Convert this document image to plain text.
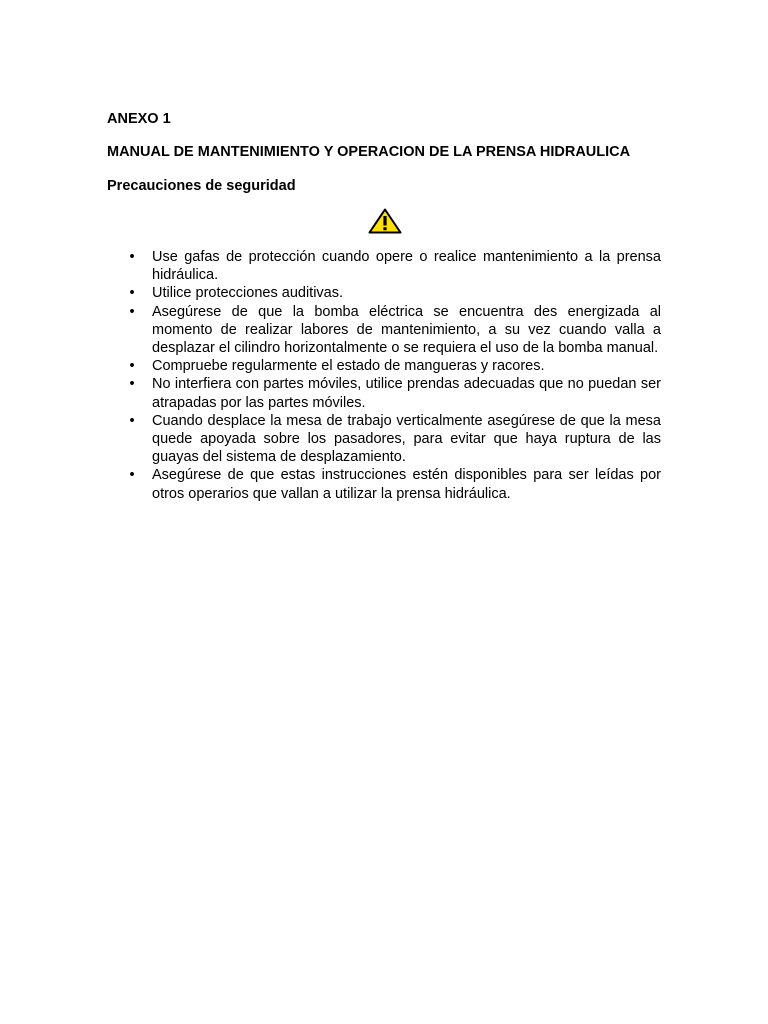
ANEXO 1
MANUAL DE MANTENIMIENTO Y OPERACION DE LA PRENSA HIDRAULICA
Precauciones de seguridad
• Use gafas de protección cuando opere o realice mantenimiento a la prensa hidráulica.
• Utilice protecciones auditivas.
• Asegúrese de que la bomba eléctrica se encuentra des energizada al momento de realizar labores de mantenimiento, a su vez cuando valla a desplazar el cilindro horizontalmente o se requiera el uso de la bomba manual.
• Compruebe regularmente el estado de mangueras y racores.
• No interfiera con partes móviles, utilice prendas adecuadas que no puedan ser atrapadas por las partes móviles.
• Cuando desplace la mesa de trabajo verticalmente asegúrese de que la mesa quede apoyada sobre los pasadores, para evitar que haya ruptura de las guayas del sistema de desplazamiento.
• Asegúrese de que estas instrucciones estén disponibles para ser leídas por otros operarios que vallan a utilizar la prensa hidráulica.
